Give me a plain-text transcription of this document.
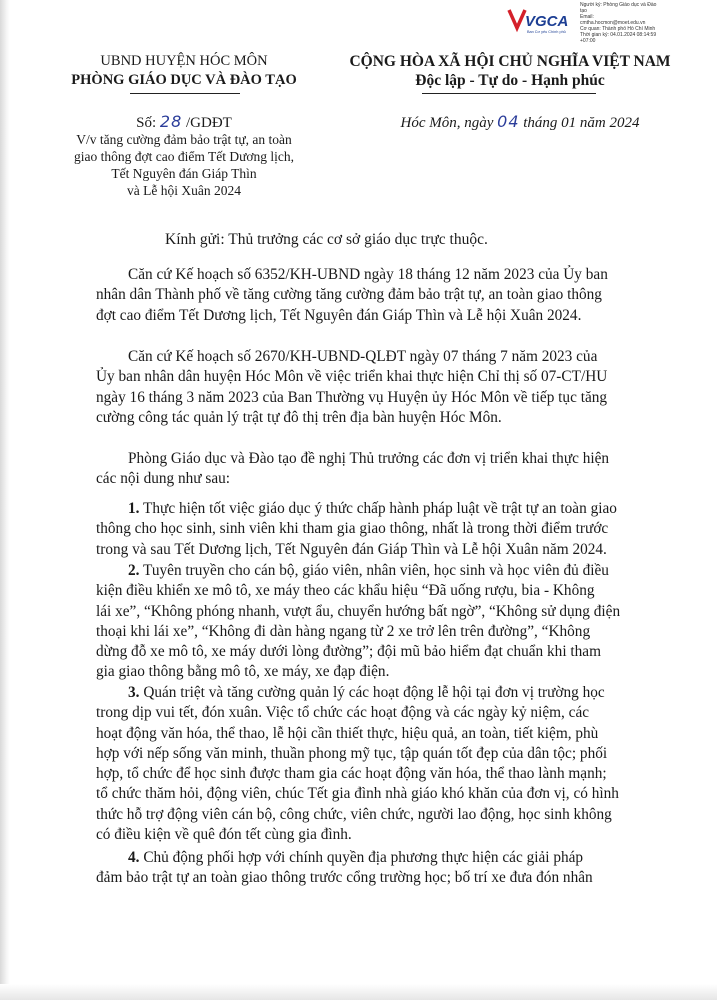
VGCA
Ban Cơ yếu Chính phủ
Người ký: Phòng Giáo dục và Đào
tạo
Email:
cmtha.hocmon@moet.edu.vn
Cơ quan: Thành phố Hồ Chí Minh
Thời gian ký: 04.01.2024 08:14:59
+07:00
UBND HUYỆN HÓC MÔN
PHÒNG GIÁO DỤC VÀ ĐÀO TẠO
CỘNG HÒA XÃ HỘI CHỦ NGHĨA VIỆT NAM
Độc lập - Tự do - Hạnh phúc
Số: 28 /GDĐT	Hóc Môn, ngày 04 tháng 01 năm 2024
V/v tăng cường đảm bảo trật tự, an toàn
giao thông đợt cao điểm Tết Dương lịch,
Tết Nguyên đán Giáp Thìn
và Lễ hội Xuân 2024
Kính gửi: Thủ trưởng các cơ sở giáo dục trực thuộc.
Căn cứ Kế hoạch số 6352/KH-UBND ngày 18 tháng 12 năm 2023 của Ủy ban
nhân dân Thành phố về tăng cường tăng cường đảm bảo trật tự, an toàn giao thông
đợt cao điểm Tết Dương lịch, Tết Nguyên đán Giáp Thìn và Lễ hội Xuân 2024.
Căn cứ Kế hoạch số 2670/KH-UBND-QLĐT ngày 07 tháng 7 năm 2023 của
Ủy ban nhân dân huyện Hóc Môn về việc triển khai thực hiện Chỉ thị số 07-CT/HU
ngày 16 tháng 3 năm 2023 của Ban Thường vụ Huyện ủy Hóc Môn về tiếp tục tăng
cường công tác quản lý trật tự đô thị trên địa bàn huyện Hóc Môn.
Phòng Giáo dục và Đào tạo đề nghị Thủ trưởng các đơn vị triển khai thực hiện
các nội dung như sau:
1. Thực hiện tốt việc giáo dục ý thức chấp hành pháp luật về trật tự an toàn giao
thông cho học sinh, sinh viên khi tham gia giao thông, nhất là trong thời điểm trước
trong và sau Tết Dương lịch, Tết Nguyên đán Giáp Thìn và Lễ hội Xuân năm 2024.
2. Tuyên truyền cho cán bộ, giáo viên, nhân viên, học sinh và học viên đủ điều
kiện điều khiển xe mô tô, xe máy theo các khẩu hiệu “Đã uống rượu, bia - Không
lái xe”, “Không phóng nhanh, vượt ẩu, chuyển hướng bất ngờ”, “Không sử dụng điện
thoại khi lái xe”, “Không đi dàn hàng ngang từ 2 xe trở lên trên đường”, “Không
dừng đỗ xe mô tô, xe máy dưới lòng đường”; đội mũ bảo hiểm đạt chuẩn khi tham
gia giao thông bằng mô tô, xe máy, xe đạp điện.
3. Quán triệt và tăng cường quản lý các hoạt động lễ hội tại đơn vị trường học
trong dịp vui tết, đón xuân. Việc tổ chức các hoạt động và các ngày kỷ niệm, các
hoạt động văn hóa, thể thao, lễ hội cần thiết thực, hiệu quả, an toàn, tiết kiệm, phù
hợp với nếp sống văn minh, thuần phong mỹ tục, tập quán tốt đẹp của dân tộc; phối
hợp, tổ chức để học sinh được tham gia các hoạt động văn hóa, thể thao lành mạnh;
tổ chức thăm hỏi, động viên, chúc Tết gia đình nhà giáo khó khăn của đơn vị, có hình
thức hỗ trợ động viên cán bộ, công chức, viên chức, người lao động, học sinh không
có điều kiện về quê đón tết cùng gia đình.
4. Chủ động phối hợp với chính quyền địa phương thực hiện các giải pháp
đảm bảo trật tự an toàn giao thông trước cổng trường học; bố trí xe đưa đón nhân
